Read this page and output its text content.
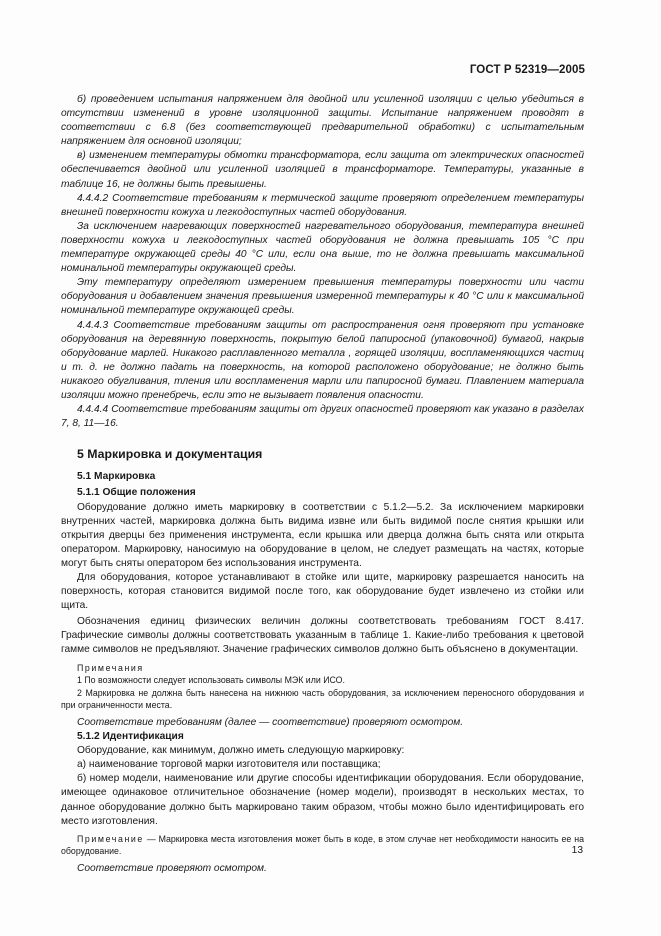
ГОСТ Р 52319—2005

б) проведением испытания напряжением для двойной или усиленной изоляции с целью убедиться в отсутствии изменений в уровне изоляционной защиты. Испытание напряжением проводят в соответствии с 6.8 (без соответствующей предварительной обработки) с испытательным напряжением для основной изоляции;

в) изменением температуры обмотки трансформатора, если защита от электрических опасностей обеспечивается двойной или усиленной изоляцией в трансформаторе. Температуры, указанные в таблице 16, не должны быть превышены.

4.4.4.2 Соответствие требованиям к термической защите проверяют определением температуры внешней поверхности кожуха и легкодоступных частей оборудования.

За исключением нагревающих поверхностей нагревательного оборудования, температура внешней поверхности кожуха и легкодоступных частей оборудования не должна превышать 105 °С при температуре окружающей среды 40 °С или, если она выше, то не должна превышать максимальной номинальной температуры окружающей среды.

Эту температуру определяют измерением превышения температуры поверхности или части оборудования и добавлением значения превышения измеренной температуры к 40 °С или к максимальной номинальной температуре окружающей среды.

4.4.4.3 Соответствие требованиям защиты от распространения огня проверяют при установке оборудования на деревянную поверхность, покрытую белой папиросной (упаковочной) бумагой, накрыв оборудование марлей. Никакого расплавленного металла , горящей изоляции, воспламеняющихся частиц и т. д. не должно падать на поверхность, на которой расположено оборудование; не должно быть никакого обугливания, тления или воспламенения марли или папиросной бумаги. Плавлением материала изоляции можно пренебречь, если это не вызывает появления опасности.

4.4.4.4 Соответствие требованиям защиты от других опасностей проверяют как указано в разделах 7, 8, 11—16.

5 Маркировка и документация

5.1 Маркировка

5.1.1 Общие положения

Оборудование должно иметь маркировку в соответствии с 5.1.2—5.2. За исключением маркировки внутренних частей, маркировка должна быть видима извне или быть видимой после снятия крышки или открытия дверцы без применения инструмента, если крышка или дверца должна быть снята или открыта оператором. Маркировку, наносимую на оборудование в целом, не следует размещать на частях, которые могут быть сняты оператором без использования инструмента.

Для оборудования, которое устанавливают в стойке или щите, маркировку разрешается наносить на поверхность, которая становится видимой после того, как оборудование будет извлечено из стойки или щита.

Обозначения единиц физических величин должны соответствовать требованиям ГОСТ 8.417. Графические символы должны соответствовать указанным в таблице 1. Какие-либо требования к цветовой гамме символов не предъявляют. Значение графических символов должно быть объяснено в документации.

Примечания

1 По возможности следует использовать символы МЭК или ИСО.

2 Маркировка не должна быть нанесена на нижнюю часть оборудования, за исключением переносного оборудования и при ограниченности места.

Соответствие требованиям (далее — соответствие) проверяют осмотром.

5.1.2 Идентификация

Оборудование, как минимум, должно иметь следующую маркировку:

а) наименование торговой марки изготовителя или поставщика;

б) номер модели, наименование или другие способы идентификации оборудования. Если оборудование, имеющее одинаковое отличительное обозначение (номер модели), производят в нескольких местах, то данное оборудование должно быть маркировано таким образом, чтобы можно было идентифицировать его место изготовления.

Примечание — Маркировка места изготовления может быть в коде, в этом случае нет необходимости наносить ее на оборудование.

Соответствие проверяют осмотром.

13
